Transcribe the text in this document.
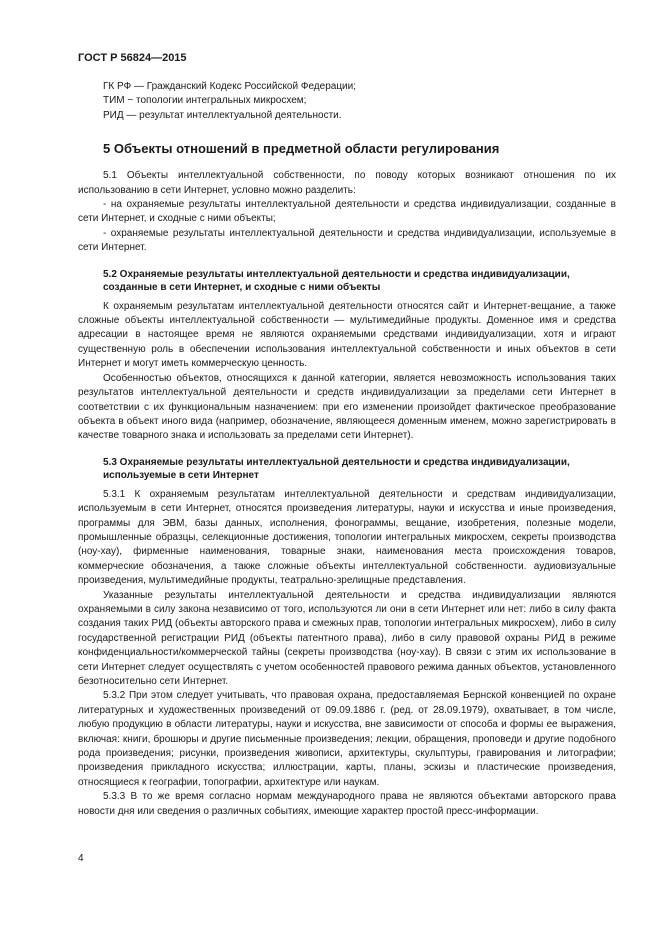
ГОСТ Р 56824—2015

ГК РФ — Гражданский Кодекс Российской Федерации;

ТИМ − топологии интегральных микросхем;

РИД — результат интеллектуальной деятельности.

5 Объекты отношений в предметной области регулирования

5.1 Объекты интеллектуальной собственности, по поводу которых возникают отношения по их использованию в сети Интернет, условно можно разделить:

- на охраняемые результаты интеллектуальной деятельности и средства индивидуализации, созданные в сети Интернет, и сходные с ними объекты;

- охраняемые результаты интеллектуальной деятельности и средства индивидуализации, используемые в сети Интернет.

5.2 Охраняемые результаты интеллектуальной деятельности и средства индивидуализации, созданные в сети Интернет, и сходные с ними объекты

К охраняемым результатам интеллектуальной деятельности относятся сайт и Интернет-вещание, а также сложные объекты интеллектуальной собственности — мультимедийные продукты. Доменное имя и средства адресации в настоящее время не являются охраняемыми средствами индивидуализации, хотя и играют существенную роль в обеспечении использования интеллектуальной собственности и иных объектов в сети Интернет и могут иметь коммерческую ценность.

Особенностью объектов, относящихся к данной категории, является невозможность использования таких результатов интеллектуальной деятельности и средств индивидуализации за пределами сети Интернет в соответствии с их функциональным назначением: при его изменении произойдет фактическое преобразование объекта в объект иного вида (например, обозначение, являющееся доменным именем, можно зарегистрировать в качестве товарного знака и использовать за пределами сети Интернет).

5.3 Охраняемые результаты интеллектуальной деятельности и средства индивидуализации, используемые в сети Интернет

5.3.1 К охраняемым результатам интеллектуальной деятельности и средствам индивидуализации, используемым в сети Интернет, относятся произведения литературы, науки и искусства и иные произведения, программы для ЭВМ, базы данных, исполнения, фонограммы, вещание, изобретения, полезные модели, промышленные образцы, селекционные достижения, топологии интегральных микросхем, секреты производства (ноу-хау), фирменные наименования, товарные знаки, наименования места происхождения товаров, коммерческие обозначения, а также сложные объекты интеллектуальной собственности. аудиовизуальные произведения, мультимедийные продукты, театрально-зрелищные представления.

Указанные результаты интеллектуальной деятельности и средства индивидуализации являются охраняемыми в силу закона независимо от того, используются ли они в сети Интернет или нет: либо в силу факта создания таких РИД (объекты авторского права и смежных прав, топологии интегральных микросхем), либо в силу государственной регистрации РИД (объекты патентного права), либо в силу правовой охраны РИД в режиме конфиденциальности/коммерческой тайны (секреты производства (ноу-хау). В связи с этим их использование в сети Интернет следует осуществлять с учетом особенностей правового режима данных объектов, установленного безотносительно сети Интернет.

5.3.2 При этом следует учитывать, что правовая охрана, предоставляемая Бернской конвенцией по охране литературных и художественных произведений от 09.09.1886 г. (ред. от 28.09.1979), охватывает, в том числе, любую продукцию в области литературы, науки и искусства, вне зависимости от способа и формы ее выражения, включая: книги, брошюры и другие письменные произведения; лекции, обращения, проповеди и другие подобного рода произведения; рисунки, произведения живописи, архитектуры, скульптуры, гравирования и литографии; произведения прикладного искусства; иллюстрации, карты, планы, эскизы и пластические произведения, относящиеся к географии, топографии, архитектуре или наукам.

5.3.3 В то же время согласно нормам международного права не являются объектами авторского права новости дня или сведения о различных событиях, имеющие характер простой пресс-информации.

4
